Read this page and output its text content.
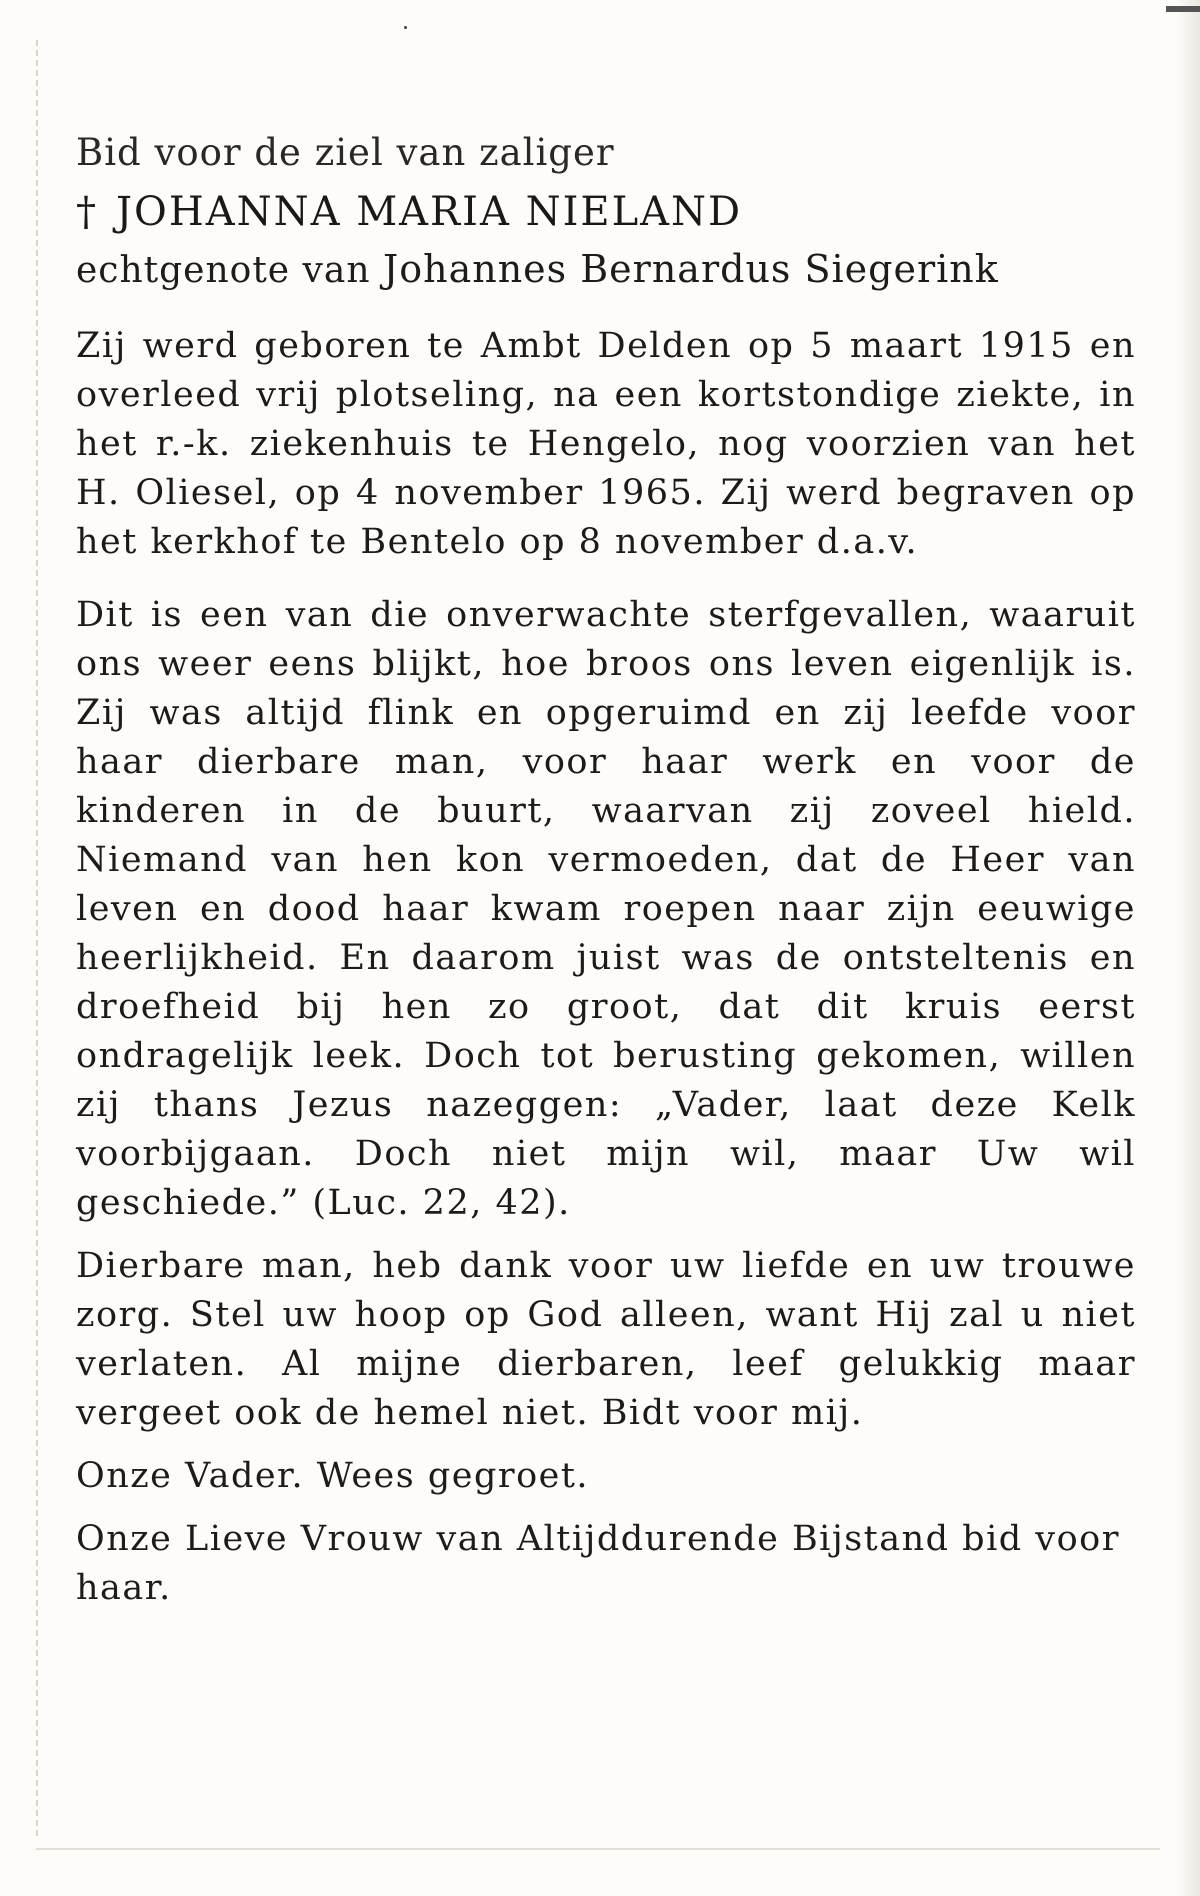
Bid voor de ziel van zaliger

† JOHANNA MARIA NIELAND

echtgenote van Johannes Bernardus Siegerink

Zij werd geboren te Ambt Delden op 5 maart 1915 en overleed vrij plotseling, na een kortstondige ziekte, in het r.-k. ziekenhuis te Hengelo, nog voorzien van het H. Oliesel, op 4 november 1965. Zij werd begraven op het kerkhof te Bentelo op 8 november d.a.v.

Dit is een van die onverwachte sterfgevallen, waaruit ons weer eens blijkt, hoe broos ons leven eigenlijk is. Zij was altijd flink en opgeruimd en zij leefde voor haar dierbare man, voor haar werk en voor de kinderen in de buurt, waarvan zij zoveel hield. Niemand van hen kon vermoeden, dat de Heer van leven en dood haar kwam roepen naar zijn eeuwige heerlijkheid. En daarom juist was de ontsteltenis en droefheid bij hen zo groot, dat dit kruis eerst ondragelijk leek. Doch tot berusting gekomen, willen zij thans Jezus nazeggen: „Vader, laat deze Kelk voorbijgaan. Doch niet mijn wil, maar Uw wil geschiede.” (Luc. 22, 42).

Dierbare man, heb dank voor uw liefde en uw trouwe zorg. Stel uw hoop op God alleen, want Hij zal u niet verlaten. Al mijne dierbaren, leef gelukkig maar vergeet ook de hemel niet. Bidt voor mij.

Onze Vader. Wees gegroet.

Onze Lieve Vrouw van Altijddurende Bijstand bid voor haar.
